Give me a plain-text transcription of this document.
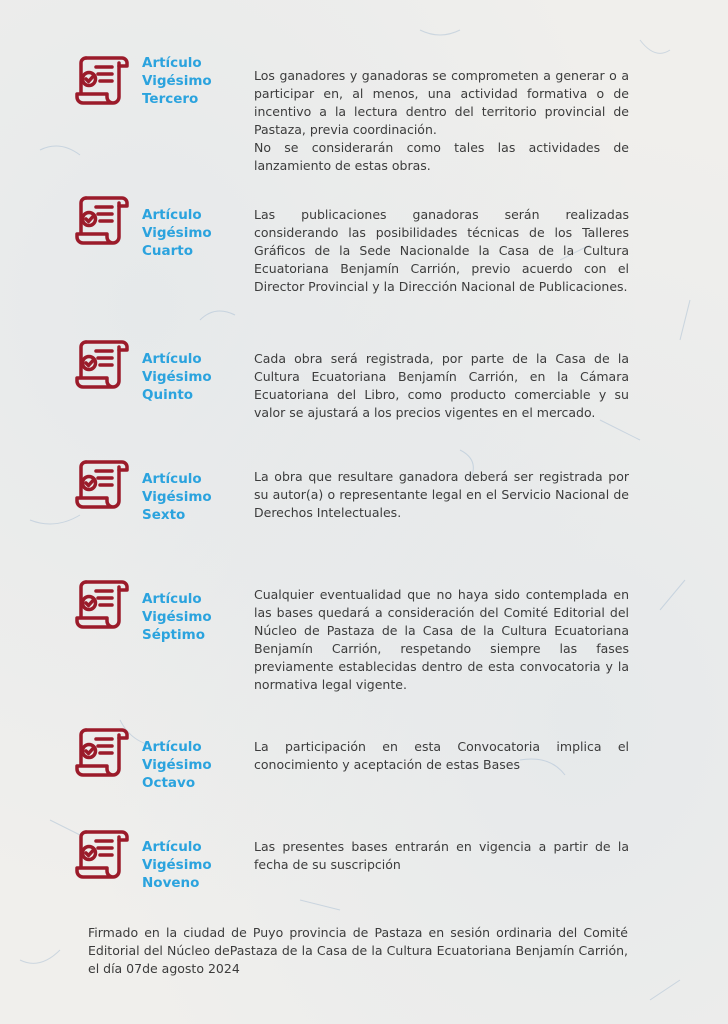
Artículo
Vigésimo
Tercero

Los ganadores y ganadoras se comprometen a generar o a participar en, al menos, una actividad formativa o de incentivo a la lectura dentro del territorio provincial de Pastaza, previa coordinación.

No se considerarán como tales las actividades de lanzamiento de estas obras.

Artículo
Vigésimo
Cuarto

Las publicaciones ganadoras serán realizadas considerando las posibilidades técnicas de los Talleres Gráficos de la Sede Nacionalde la Casa de la Cultura Ecuatoriana Benjamín Carrión, previo acuerdo con el Director Provincial y la Dirección Nacional de Publicaciones.

Artículo
Vigésimo
Quinto

Cada obra será registrada, por parte de la Casa de la Cultura Ecuatoriana Benjamín Carrión, en la Cámara Ecuatoriana del Libro, como producto comerciable y su valor se ajustará a los precios vigentes en el mercado.

Artículo
Vigésimo
Sexto

La obra que resultare ganadora deberá ser registrada por su autor(a) o representante legal en el Servicio Nacional de Derechos Intelectuales.

Artículo
Vigésimo
Séptimo

Cualquier eventualidad que no haya sido contemplada en las bases quedará a consideración del Comité Editorial del Núcleo de Pastaza de la Casa de la Cultura Ecuatoriana Benjamín Carrión, respetando siempre las fases previamente establecidas dentro de esta convocatoria y la normativa legal vigente.

Artículo
Vigésimo
Octavo

La participación en esta Convocatoria implica el conocimiento y aceptación de estas Bases

Artículo
Vigésimo
Noveno

Las presentes bases entrarán en vigencia a partir de la fecha de su suscripción

Firmado en la ciudad de Puyo provincia de Pastaza en sesión ordinaria del Comité Editorial del Núcleo dePastaza de la Casa de la Cultura Ecuatoriana Benjamín Carrión, el día 07de agosto 2024
